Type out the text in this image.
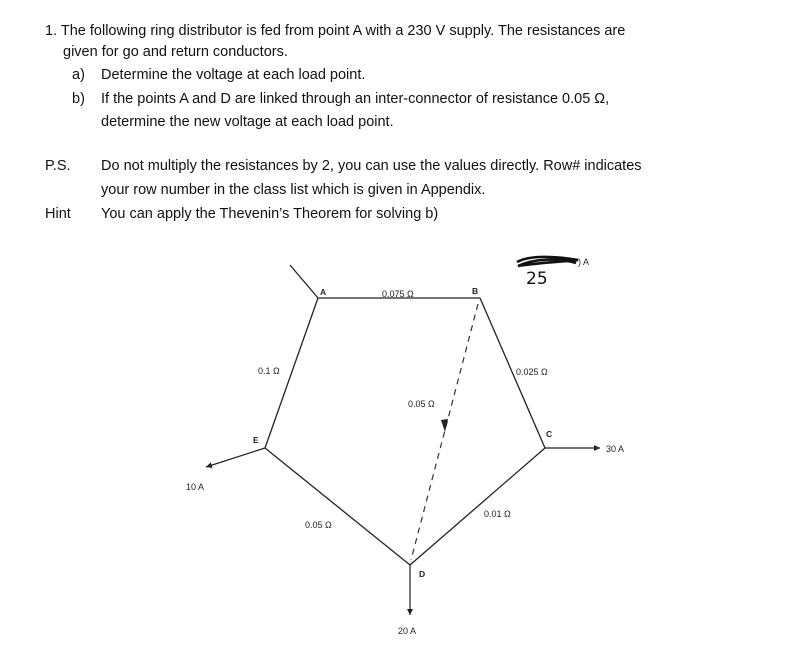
1. The following ring distributor is fed from point A with a 230 V supply. The resistances are
given for go and return conductors.
a) Determine the voltage at each load point.
b) If the points A and D are linked through an inter-connector of resistance 0.05 Ω,
determine the new voltage at each load point.
P.S. Do not multiply the resistances by 2, you can use the values directly. Row# indicates
your row number in the class list which is given in Appendix.
Hint You can apply the Thevenin’s Theorem for solving b)
A	B
C
D
E
0.075 Ω
0.025 Ω
0.01 Ω
0.05 Ω
0.1 Ω
0.05 Ω
30 A
20 A
10 A
) A
25
